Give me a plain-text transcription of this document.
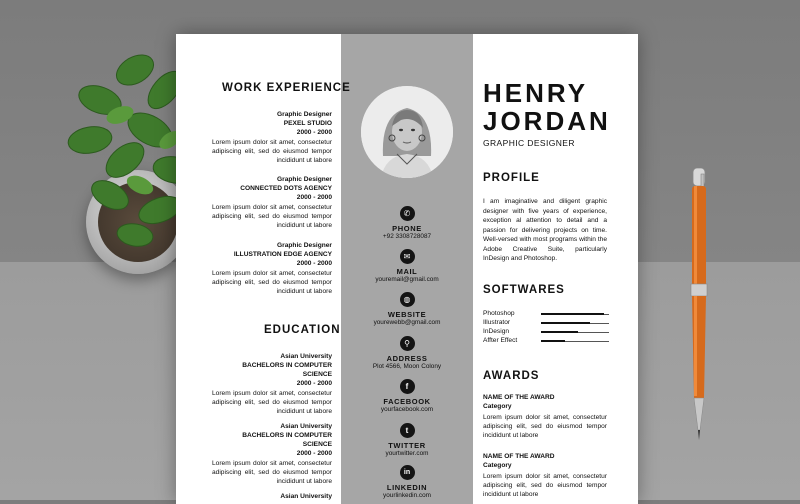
WORK EXPERIENCE
Graphic Designer
PEXEL STUDIO
2000 - 2000
Lorem ipsum dolor sit amet, consectetur adipiscing elit, sed do eiusmod tempor incididunt ut labore
Graphic Designer
CONNECTED DOTS AGENCY
2000 - 2000
Lorem ipsum dolor sit amet, consectetur adipiscing elit, sed do eiusmod tempor incididunt ut labore
Graphic Designer
ILLUSTRATION EDGE AGENCY
2000 - 2000
Lorem ipsum dolor sit amet, consectetur adipiscing elit, sed do eiusmod tempor incididunt ut labore
EDUCATION
Asian University
BACHELORS IN COMPUTER SCIENCE
2000 - 2000
Lorem ipsum dolor sit amet, consectetur adipiscing elit, sed do eiusmod tempor incididunt ut labore
Asian University
BACHELORS IN COMPUTER SCIENCE
2000 - 2000
Lorem ipsum dolor sit amet, consectetur adipiscing elit, sed do eiusmod tempor incididunt ut labore
Asian University
✆
PHONE
+92 3308728087
✉
MAIL
youremail@gmail.com
◍
WEBSITE
yourewebb@gmail.com
⚲
ADDRESS
Plot 4566, Moon Colony
f
FACEBOOK
yourfacebook.com
t
TWITTER
yourtwitter.com
in
LINKEDIN
yourlinkedin.com
HENRY
JORDAN
GRAPHIC DESIGNER
PROFILE
I am imaginative and diligent graphic designer with five years of experience, exception al attention to detail and a passion for delivering projects on time. Well-versed with most programs within the Adobe Creative Suite, particularly InDesign and Photoshop.
SOFTWARES
Photoshop
Illustrator
InDesign
Affter Effect
AWARDS
NAME OF THE AWARD
Category
Lorem ipsum dolor sit amet, consectetur adipiscing elit, sed do eiusmod tempor incididunt ut labore
NAME OF THE AWARD
Category
Lorem ipsum dolor sit amet, consectetur adipiscing elit, sed do eiusmod tempor incididunt ut labore
